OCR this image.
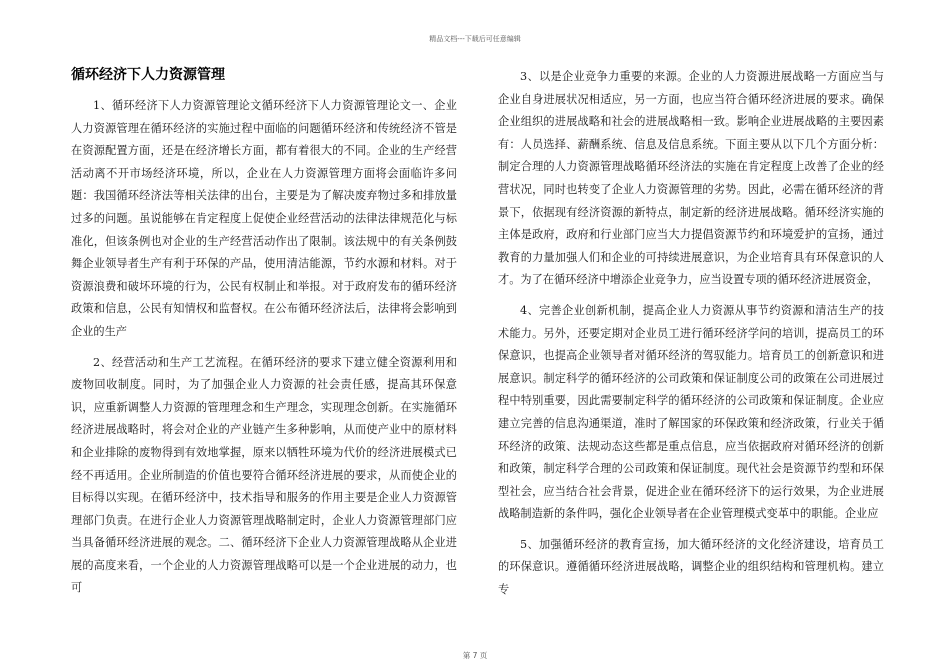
精品文档---下载后可任意编辑
循环经济下人力资源管理

1、循环经济下人力资源管理论文循环经济下人力资源管理论文一、企业人力资源管理在循环经济的实施过程中面临的问题循环经济和传统经济不管是在资源配置方面，还是在经济增长方面，都有着很大的不同。企业的生产经营活动离不开市场经济环境，所以，企业在人力资源管理方面将会面临许多问题：我国循环经济法等相关法律的出台，主要是为了解决废弃物过多和排放量过多的问题。虽说能够在肯定程度上促使企业经营活动的法律法律规范化与标准化，但该条例也对企业的生产经营活动作出了限制。该法规中的有关条例鼓舞企业领导者生产有利于环保的产品，使用清洁能源，节约水源和材料。对于资源浪费和破坏环境的行为，公民有权制止和举报。对于政府发布的循环经济政策和信息，公民有知情权和监督权。在公布循环经济法后，法律将会影响到企业的生产

2、经营活动和生产工艺流程。在循环经济的要求下建立健全资源利用和废物回收制度。同时，为了加强企业人力资源的社会责任感，提高其环保意识，应重新调整人力资源的管理理念和生产理念，实现理念创新。在实施循环经济进展战略时，将会对企业的产业链产生多种影响，从而使产业中的原材料和企业排除的废物得到有效地掌握，原来以牺牲环境为代价的经济进展模式已经不再适用。企业所制造的价值也要符合循环经济进展的要求，从而使企业的目标得以实现。在循环经济中，技术指导和服务的作用主要是企业人力资源管理部门负责。在进行企业人力资源管理战略制定时，企业人力资源管理部门应当具备循环经济进展的观念。二、循环经济下企业人力资源管理战略从企业进展的高度来看，一个企业的人力资源管理战略可以是一个企业进展的动力，也可

3、以是企业竞争力重要的来源。企业的人力资源进展战略一方面应当与企业自身进展状况相适应，另一方面，也应当符合循环经济进展的要求。确保企业组织的进展战略和社会的进展战略相一致。影响企业进展战略的主要因素有：人员选择、薪酬系统、信息及信息系统。下面主要从以下几个方面分析：制定合理的人力资源管理战略循环经济法的实施在肯定程度上改善了企业的经营状况，同时也转变了企业人力资源管理的劣势。因此，必需在循环经济的背景下，依据现有经济资源的新特点，制定新的经济进展战略。循环经济实施的主体是政府，政府和行业部门应当大力提倡资源节约和环境爱护的宣扬，通过教育的力量加强人们和企业的可持续进展意识，为企业培育具有环保意识的人才。为了在循环经济中增添企业竞争力，应当设置专项的循环经济进展资金，

4、完善企业创新机制，提高企业人力资源从事节约资源和清洁生产的技术能力。另外，还要定期对企业员工进行循环经济学问的培训，提高员工的环保意识，也提高企业领导者对循环经济的驾驭能力。培育员工的创新意识和进展意识。制定科学的循环经济的公司政策和保证制度公司的政策在公司进展过程中特别重要，因此需要制定科学的循环经济的公司政策和保证制度。企业应建立完善的信息沟通渠道，准时了解国家的环保政策和经济政策，行业关于循环经济的政策、法规动态这些都是重点信息，应当依据政府对循环经济的创新和政策，制定科学合理的公司政策和保证制度。现代社会是资源节约型和环保型社会，应当结合社会背景，促进企业在循环经济下的运行效果，为企业进展战略制造新的条件吗，强化企业领导者在企业管理模式变革中的职能。企业应

5、加强循环经济的教育宣扬，加大循环经济的文化经济建设，培育员工的环保意识。遵循循环经济进展战略，调整企业的组织结构和管理机构。建立专

第 7 页
